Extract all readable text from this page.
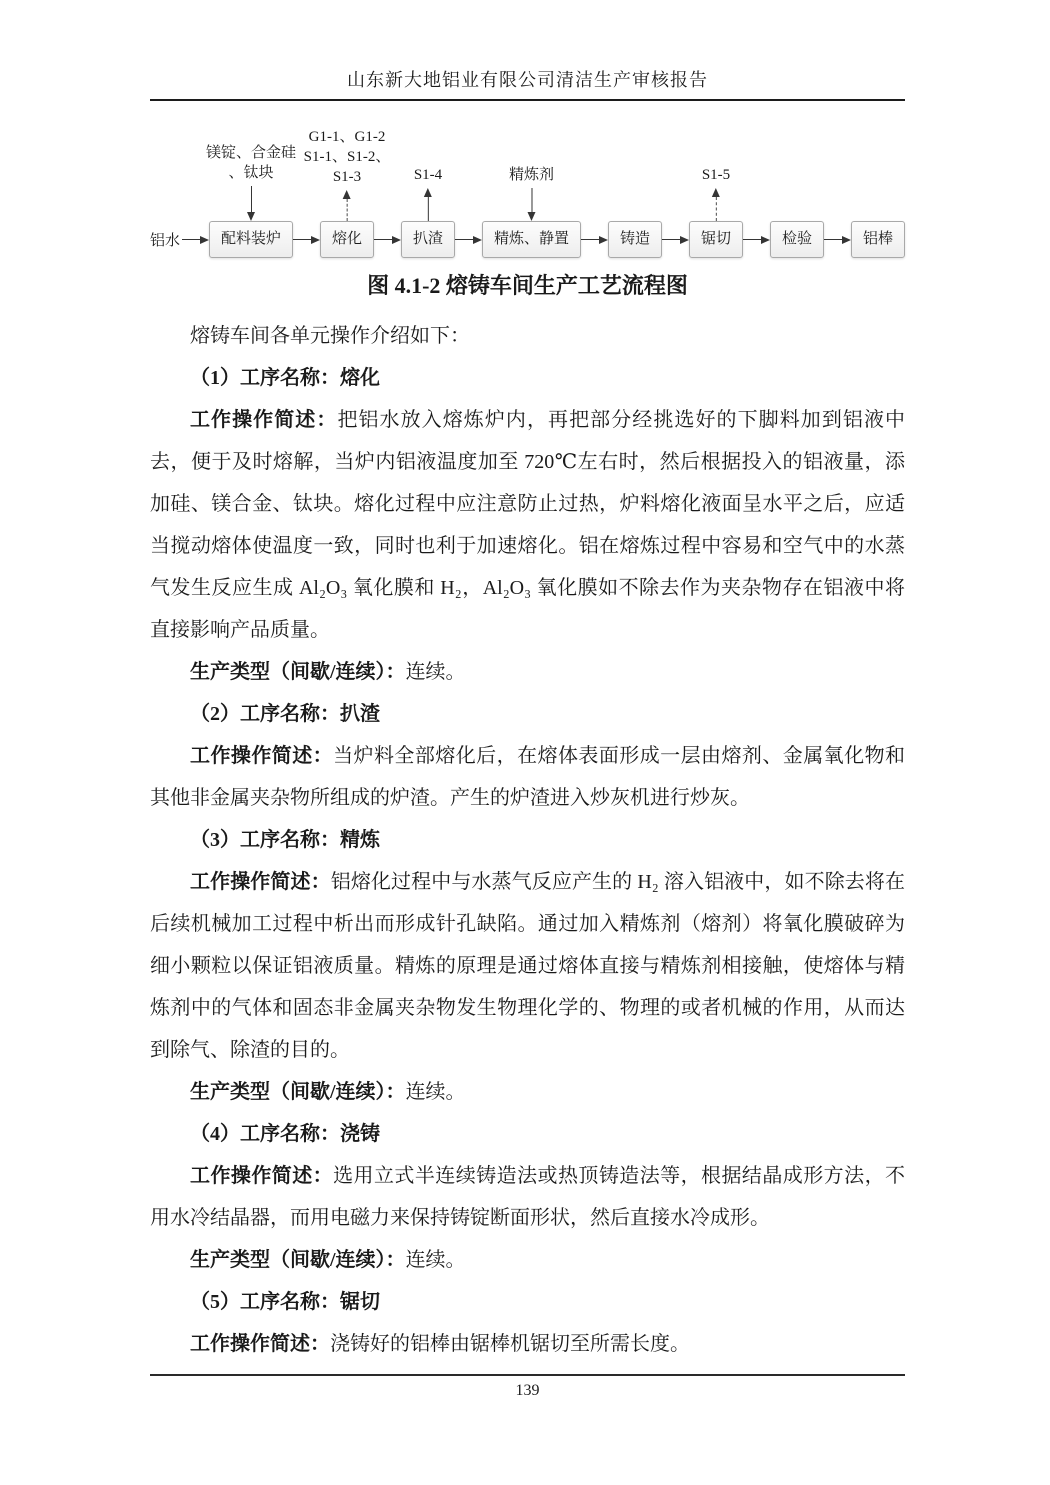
山东新大地铝业有限公司清洁生产审核报告
铝水
镁锭、合金硅
、钛块
配料装炉
G1-1、G1-2
S1-1、S1-2、
S1-3
熔化
S1-4
扒渣
精炼剂
精炼、静置	铸造
S1-5
锯切	检验	铝棒
图 4.1-2 熔铸车间生产工艺流程图

熔铸车间各单元操作介绍如下：

（1）工序名称：熔化

工作操作简述：把铝水放入熔炼炉内，再把部分经挑选好的下脚料加到铝液中去，便于及时熔解，当炉内铝液温度加至 720℃左右时，然后根据投入的铝液量，添加硅、镁合金、钛块。熔化过程中应注意防止过热，炉料熔化液面呈水平之后，应适当搅动熔体使温度一致，同时也利于加速熔化。铝在熔炼过程中容易和空气中的水蒸气发生反应生成 Al₂O₃ 氧化膜和 H₂，Al₂O₃ 氧化膜如不除去作为夹杂物存在铝液中将直接影响产品质量。

生产类型（间歇/连续）：连续。

（2）工序名称：扒渣

工作操作简述：当炉料全部熔化后，在熔体表面形成一层由熔剂、金属氧化物和其他非金属夹杂物所组成的炉渣。产生的炉渣进入炒灰机进行炒灰。

（3）工序名称：精炼

工作操作简述：铝熔化过程中与水蒸气反应产生的 H₂ 溶入铝液中，如不除去将在后续机械加工过程中析出而形成针孔缺陷。通过加入精炼剂（熔剂）将氧化膜破碎为细小颗粒以保证铝液质量。精炼的原理是通过熔体直接与精炼剂相接触，使熔体与精炼剂中的气体和固态非金属夹杂物发生物理化学的、物理的或者机械的作用，从而达到除气、除渣的目的。

生产类型（间歇/连续）：连续。

（4）工序名称：浇铸

工作操作简述：选用立式半连续铸造法或热顶铸造法等，根据结晶成形方法，不用水冷结晶器，而用电磁力来保持铸锭断面形状，然后直接水冷成形。

生产类型（间歇/连续）：连续。

（5）工序名称：锯切

工作操作简述：浇铸好的铝棒由锯棒机锯切至所需长度。

139
